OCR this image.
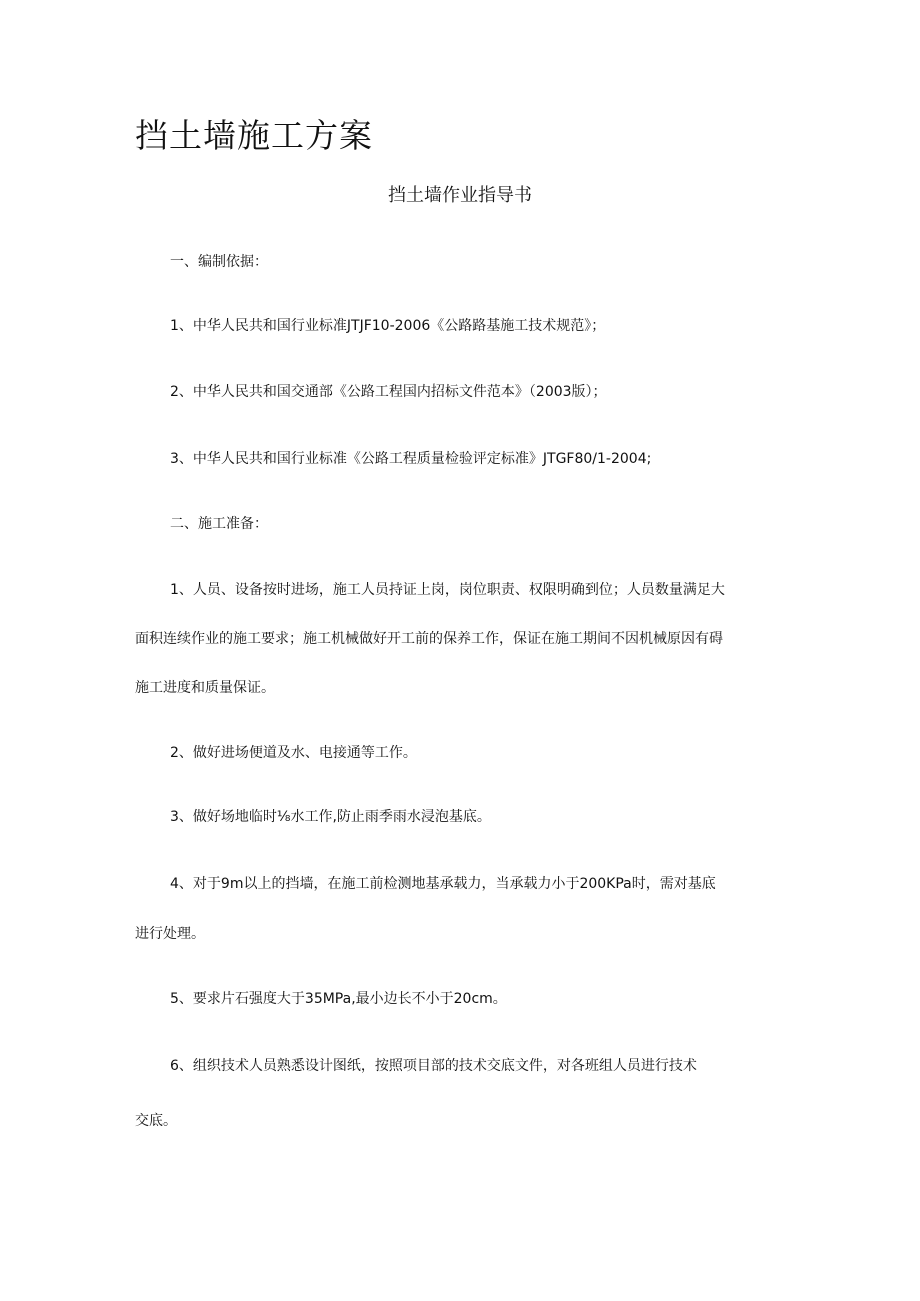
挡土墙施工方案
挡土墙作业指导书
一、编制依据：
1、中华人民共和国行业标准JTJF10-2006《公路路基施工技术规范》；
2、中华人民共和国交通部《公路工程国内招标文件范本》（2003版）；
3、中华人民共和国行业标准《公路工程质量检验评定标准》JTGF80/1-2004;
二、施工准备：
1、人员、设备按时进场，施工人员持证上岗，岗位职责、权限明确到位；人员数量满足大
面积连续作业的施工要求；施工机械做好开工前的保养工作，保证在施工期间不因机械原因有碍
施工进度和质量保证。
2、做好进场便道及水、电接通等工作。
3、做好场地临时⅛水工作,防止雨季雨水浸泡基底。
4、对于9m以上的挡墙，在施工前检测地基承载力，当承载力小于200KPa时，需对基底
进行处理。
5、要求片石强度大于35MPa,最小边长不小于20cm。
6、组织技术人员熟悉设计图纸，按照项目部的技术交底文件，对各班组人员进行技术
交底。
